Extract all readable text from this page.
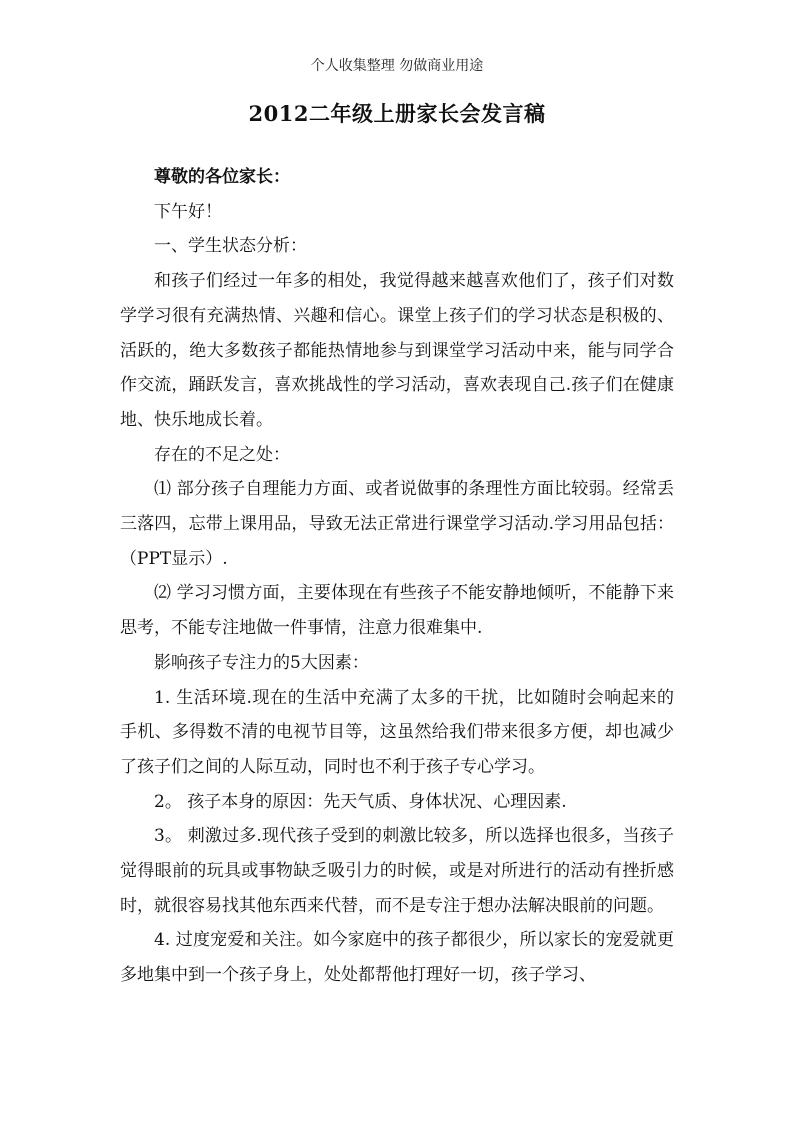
个人收集整理 勿做商业用途
2012二年级上册家长会发言稿

尊敬的各位家长：

下午好！

一、学生状态分析：

和孩子们经过一年多的相处，我觉得越来越喜欢他们了，孩子们对数学学习很有充满热情、兴趣和信心。课堂上孩子们的学习状态是积极的、活跃的，绝大多数孩子都能热情地参与到课堂学习活动中来，能与同学合作交流，踊跃发言，喜欢挑战性的学习活动，喜欢表现自己.孩子们在健康地、快乐地成长着。

存在的不足之处：

⑴ 部分孩子自理能力方面、或者说做事的条理性方面比较弱。经常丢三落四，忘带上课用品，导致无法正常进行课堂学习活动.学习用品包括：（PPT显示）.

⑵ 学习习惯方面，主要体现在有些孩子不能安静地倾听，不能静下来思考，不能专注地做一件事情，注意力很难集中.

影响孩子专注力的5大因素：

1. 生活环境.现在的生活中充满了太多的干扰，比如随时会响起来的手机、多得数不清的电视节目等，这虽然给我们带来很多方便，却也减少了孩子们之间的人际互动，同时也不利于孩子专心学习。

2。 孩子本身的原因：先天气质、身体状况、心理因素.

3。 刺激过多.现代孩子受到的刺激比较多，所以选择也很多，当孩子觉得眼前的玩具或事物缺乏吸引力的时候，或是对所进行的活动有挫折感时，就很容易找其他东西来代替，而不是专注于想办法解决眼前的问题。

4. 过度宠爱和关注。如今家庭中的孩子都很少，所以家长的宠爱就更多地集中到一个孩子身上，处处都帮他打理好一切，孩子学习、
